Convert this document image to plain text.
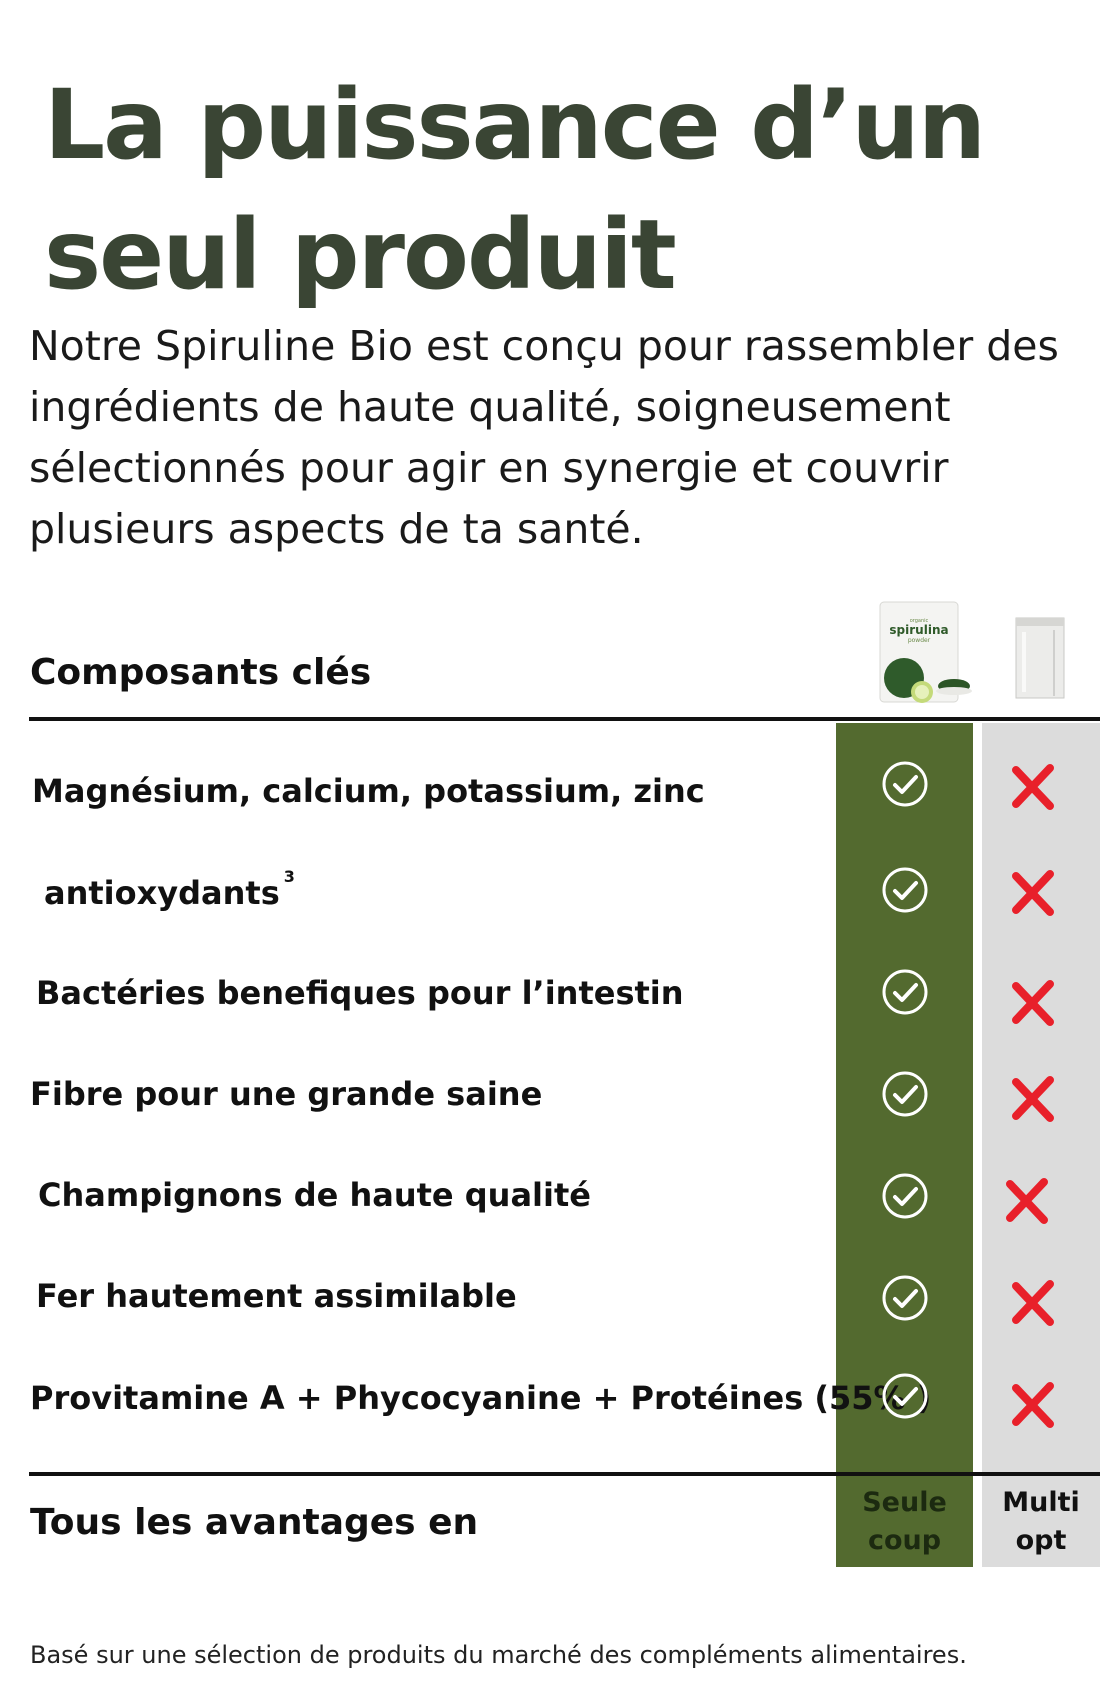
La puissance d’un seul produit

Notre Spiruline Bio est conçu pour rassembler des ingrédients de haute qualité, soigneusement sélectionnés pour agir en synergie et couvrir plusieurs aspects de ta santé.

organic
spirulina
powder
Composants clés
Magnésium, calcium, potassium, zinc
antioxydants $^3$
Bactéries benefiques pour l’intestin
Fibre pour une grande saine
Champignons de haute qualité
Fer hautement assimilable
Provitamine A + Phycocyanine + Protéines (55% )
Tous les avantages en	Seule
coup
Multi
opt
Basé sur une sélection de produits du marché des compléments alimentaires.
